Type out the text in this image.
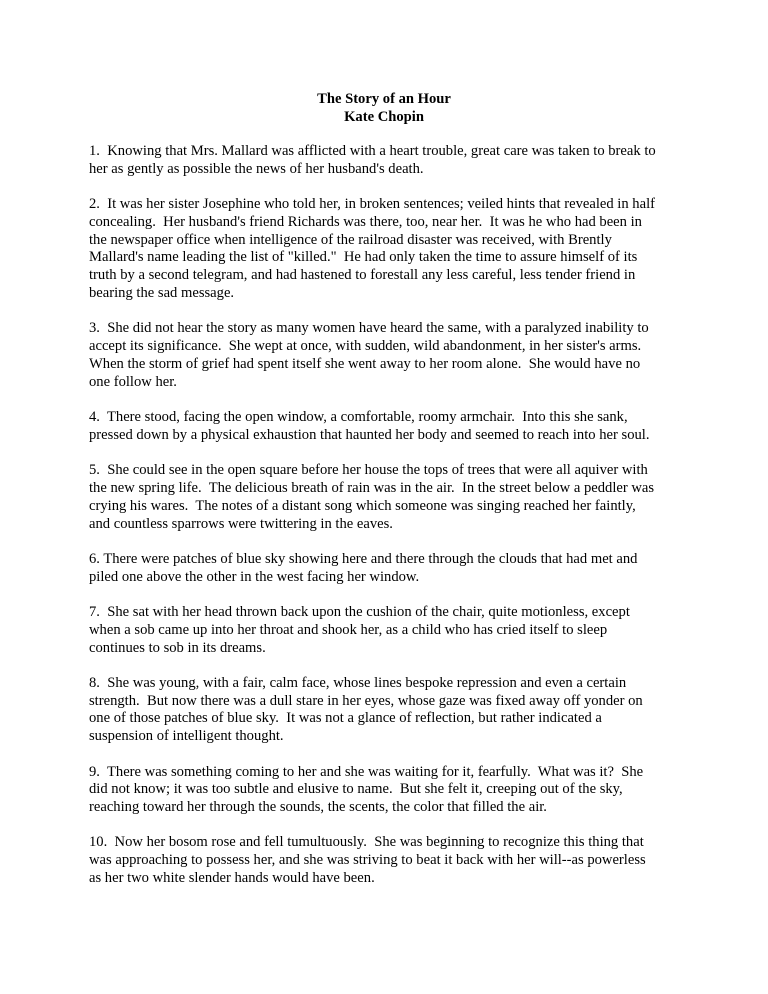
The Story of an Hour
Kate Chopin
1.  Knowing that Mrs. Mallard was afflicted with a heart trouble, great care was taken to break to
her as gently as possible the news of her husband's death.
2.  It was her sister Josephine who told her, in broken sentences; veiled hints that revealed in half
concealing.  Her husband's friend Richards was there, too, near her.  It was he who had been in
the newspaper office when intelligence of the railroad disaster was received, with Brently
Mallard's name leading the list of "killed."  He had only taken the time to assure himself of its
truth by a second telegram, and had hastened to forestall any less careful, less tender friend in
bearing the sad message.
3.  She did not hear the story as many women have heard the same, with a paralyzed inability to
accept its significance.  She wept at once, with sudden, wild abandonment, in her sister's arms.
When the storm of grief had spent itself she went away to her room alone.  She would have no
one follow her.
4.  There stood, facing the open window, a comfortable, roomy armchair.  Into this she sank,
pressed down by a physical exhaustion that haunted her body and seemed to reach into her soul.
5.  She could see in the open square before her house the tops of trees that were all aquiver with
the new spring life.  The delicious breath of rain was in the air.  In the street below a peddler was
crying his wares.  The notes of a distant song which someone was singing reached her faintly,
and countless sparrows were twittering in the eaves.
6. There were patches of blue sky showing here and there through the clouds that had met and
piled one above the other in the west facing her window.
7.  She sat with her head thrown back upon the cushion of the chair, quite motionless, except
when a sob came up into her throat and shook her, as a child who has cried itself to sleep
continues to sob in its dreams.
8.  She was young, with a fair, calm face, whose lines bespoke repression and even a certain
strength.  But now there was a dull stare in her eyes, whose gaze was fixed away off yonder on
one of those patches of blue sky.  It was not a glance of reflection, but rather indicated a
suspension of intelligent thought.
9.  There was something coming to her and she was waiting for it, fearfully.  What was it?  She
did not know; it was too subtle and elusive to name.  But she felt it, creeping out of the sky,
reaching toward her through the sounds, the scents, the color that filled the air.
10.  Now her bosom rose and fell tumultuously.  She was beginning to recognize this thing that
was approaching to possess her, and she was striving to beat it back with her will--as powerless
as her two white slender hands would have been.
